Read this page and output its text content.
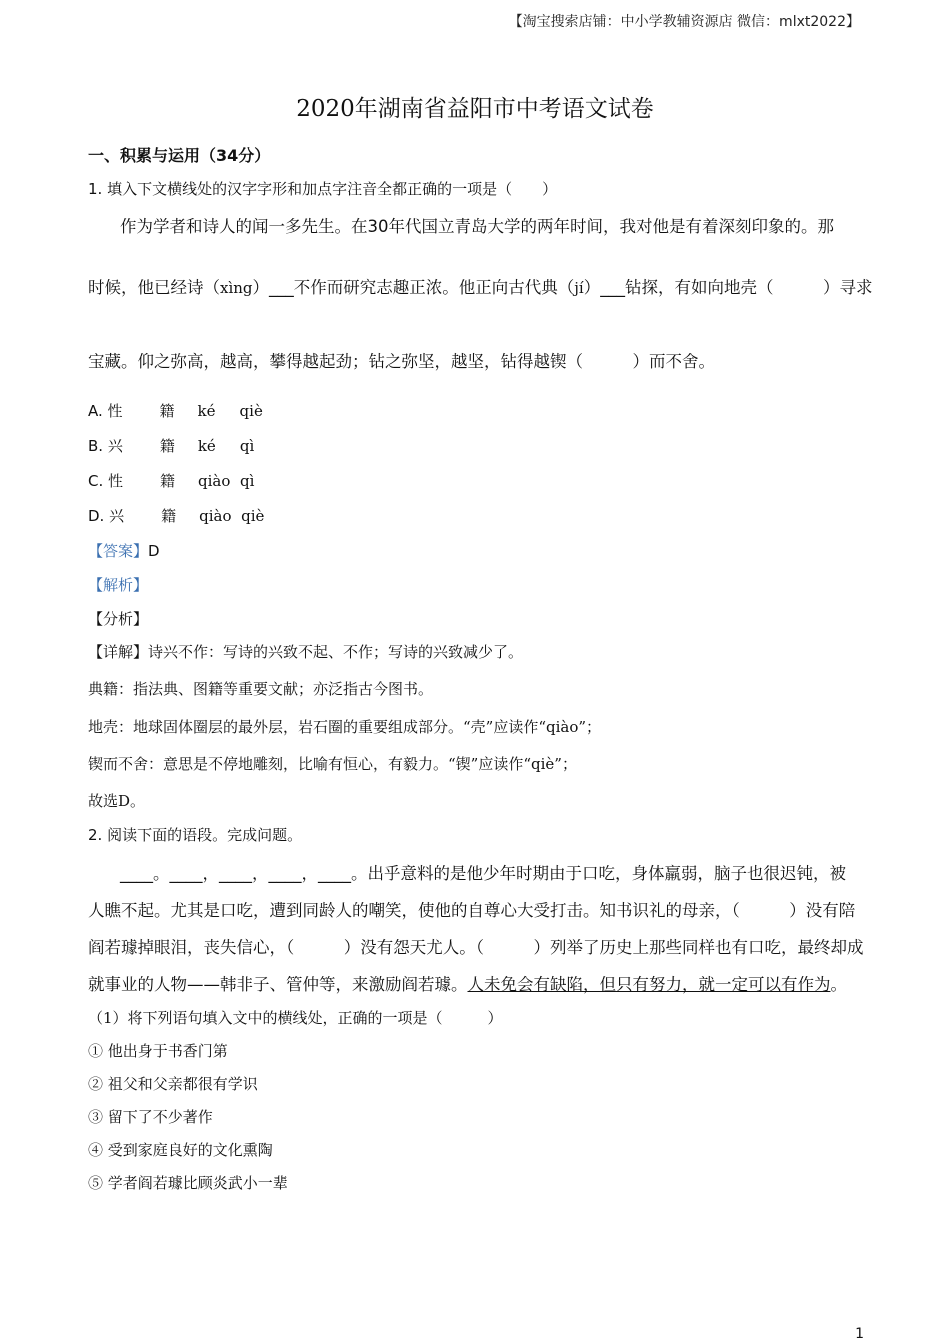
【淘宝搜索店铺：中小学教辅资源店 微信：mlxt2022】
2020年湖南省益阳市中考语文试卷
一、积累与运用（34分）
1. 填入下文横线处的汉字字形和加点字注音全都正确的一项是（　　）
作为学者和诗人的闻一多先生。在30年代国立青岛大学的两年时间，我对他是有着深刻印象的。那
时候，他已经诗（xìng）___不作而研究志趣正浓。他正向古代典（jí）___钻探，有如向地壳（　　　）寻求
宝藏。仰之弥高，越高，攀得越起劲；钻之弥坚，越坚，钻得越锲（　　　）而不舍。
A. 性 籍 ké qiè
B. 兴 籍 ké qì
C. 性 籍 qiào qì
D. 兴 籍 qiào qiè
【答案】D
【解析】
【分析】
【详解】诗兴不作：写诗的兴致不起、不作；写诗的兴致减少了。
典籍：指法典、图籍等重要文献；亦泛指古今图书。
地壳：地球固体圈层的最外层，岩石圈的重要组成部分。“壳”应读作“qiào”；
锲而不舍：意思是不停地雕刻，比喻有恒心，有毅力。“锲”应读作“qiè”；
故选D。
2. 阅读下面的语段。完成问题。
____。____，____，____，____。出乎意料的是他少年时期由于口吃，身体羸弱，脑子也很迟钝，被
人瞧不起。尤其是口吃，遭到同龄人的嘲笑，使他的自尊心大受打击。知书识礼的母亲，（　　　）没有陪
阎若璩掉眼泪，丧失信心，（　　　）没有怨天尤人。（　　　）列举了历史上那些同样也有口吃，最终却成
就事业的人物——韩非子、管仲等，来激励阎若璩。人未免会有缺陷，但只有努力，就一定可以有作为。
（1）将下列语句填入文中的横线处，正确的一项是（　　　）
① 他出身于书香门第
② 祖父和父亲都很有学识
③ 留下了不少著作
④ 受到家庭良好的文化熏陶
⑤ 学者阎若璩比顾炎武小一辈
1
